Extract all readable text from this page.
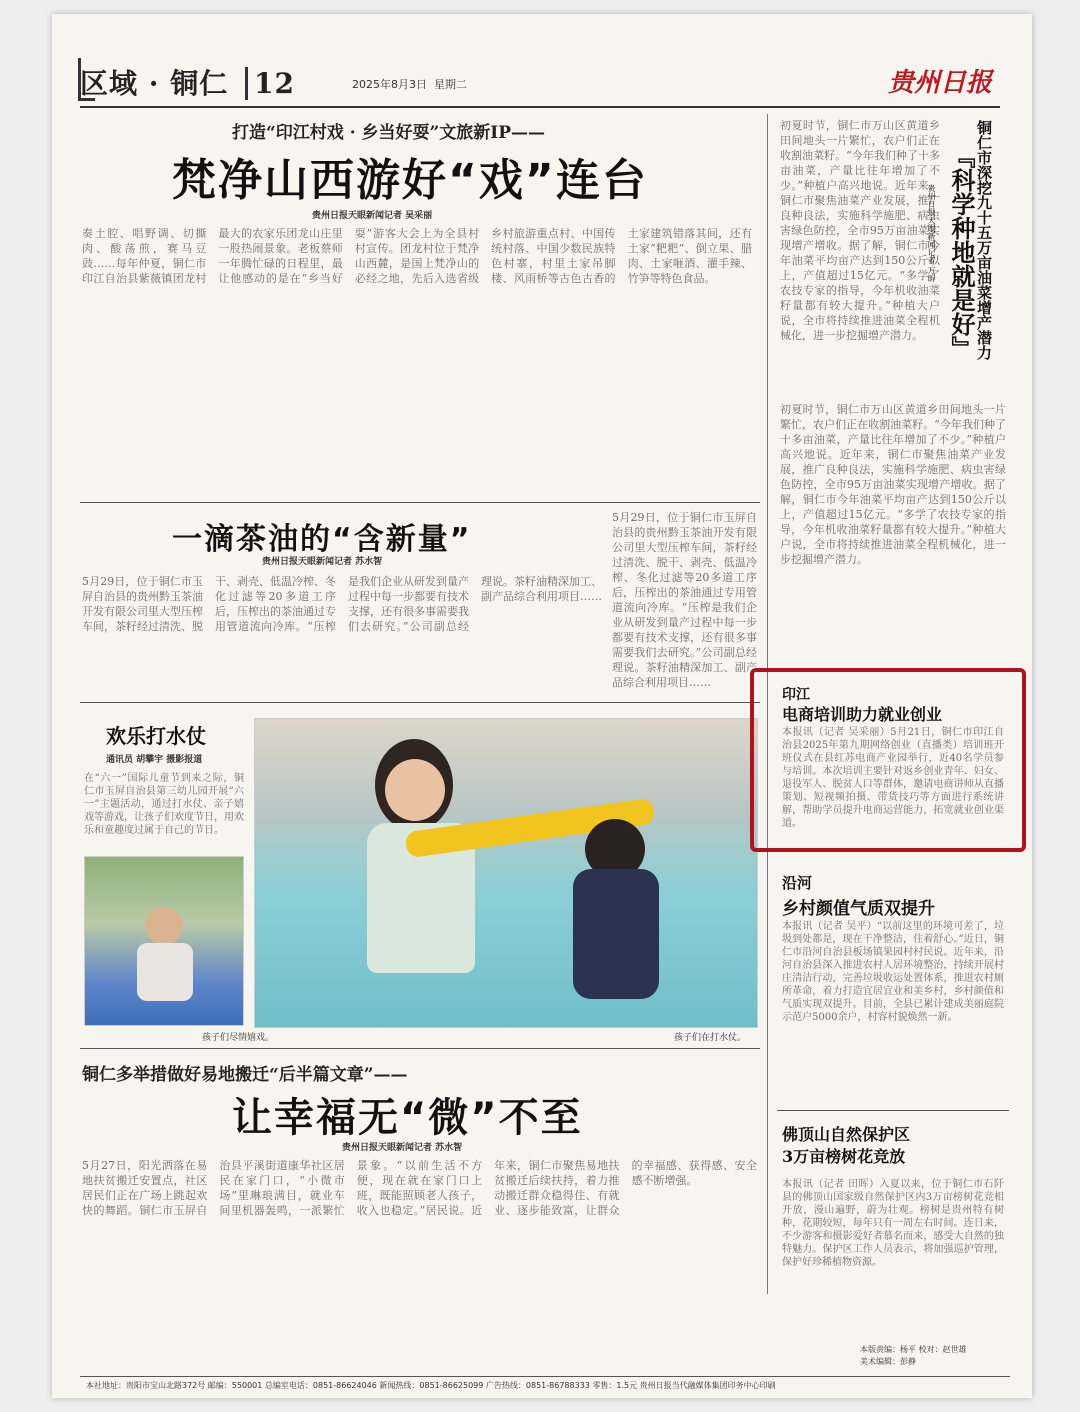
区域 · 铜仁 12	2025年8月3日 星期二	贵州日报
打造“印江村戏 · 乡当好耍”文旅新IP——
梵净山西游好“戏”连台
贵州日报天眼新闻记者 吴采丽
奏土腔、唱野调、切撕肉、酸荡煎，赛马豆豉……每年仲夏，铜仁市印江自治县紫薇镇团龙村最大的农家乐团龙山庄里一股热闹景象。老板蔡师一年腾忙碌的日程里，最让他感动的是在“乡当好耍”游客大会上为全县村村宣传。团龙村位于梵净山西麓，是国上梵净山的必经之地，先后入选省级乡村旅游重点村、中国传统村落、中国少数民族特色村寨，村里土家吊脚楼、风雨桥等古色古香的土家建筑错落其间，还有土家“粑粑”、倒立果、腊肉、土家咂酒、灌手辣、竹笋等特色食品。
一滴茶油的“含新量”
贵州日报天眼新闻记者 苏水智
5月29日，位于铜仁市玉屏自治县的贵州黔玉茶油开发有限公司里大型压榨车间，茶籽经过清洗、脱干、剥壳、低温冷榨、冬化过滤等20多道工序后，压榨出的茶油通过专用管道流向冷库。“压榨是我们企业从研发到量产过程中每一步都要有技术支撑，还有很多事需要我们去研究。”公司副总经理说。茶籽油精深加工、副产品综合利用项目……
5月29日，位于铜仁市玉屏自治县的贵州黔玉茶油开发有限公司里大型压榨车间，茶籽经过清洗、脱干、剥壳、低温冷榨、冬化过滤等20多道工序后，压榨出的茶油通过专用管道流向冷库。“压榨是我们企业从研发到量产过程中每一步都要有技术支撑，还有很多事需要我们去研究。”公司副总经理说。茶籽油精深加工、副产品综合利用项目……
欢乐打水仗
通讯员 胡攀宇 摄影报道
在“六一”国际儿童节到来之际，铜仁市玉屏自治县第三幼儿园开展“六一”主题活动，通过打水仗、亲子嬉戏等游戏，让孩子们欢度节日，用欢乐和童趣度过属于自己的节日。
孩子们尽情嬉戏。	孩子们在打水仗。
铜仁多举措做好易地搬迁“后半篇文章”——
让幸福无“微”不至
贵州日报天眼新闻记者 苏水智
5月27日，阳光洒落在易地扶贫搬迁安置点，社区居民们正在广场上跳起欢快的舞蹈。铜仁市玉屏自治县平溪街道康华社区居民在家门口，“小微市场”里琳琅满目，就业车间里机器轰鸣，一派繁忙景象。“以前生活不方便，现在就在家门口上班，既能照顾老人孩子，收入也稳定。”居民说。近年来，铜仁市聚焦易地扶贫搬迁后续扶持，着力推动搬迁群众稳得住、有就业、逐步能致富，让群众的幸福感、获得感、安全感不断增强。
初夏时节，铜仁市万山区黄道乡田间地头一片繁忙，农户们正在收割油菜籽。“今年我们种了十多亩油菜，产量比往年增加了不少。”种植户高兴地说。近年来，铜仁市聚焦油菜产业发展，推广良种良法，实施科学施肥、病虫害绿色防控，全市95万亩油菜实现增产增收。据了解，铜仁市今年油菜平均亩产达到150公斤以上，产值超过15亿元。“多学了农技专家的指导，今年机收油菜籽量都有较大提升。”种植大户说，全市将持续推进油菜全程机械化，进一步挖掘增产潜力。	铜仁市深挖九十五万亩油菜增产潜力
『科学种地就是好』
贵州日报天眼新闻记者 万昕
初夏时节，铜仁市万山区黄道乡田间地头一片繁忙，农户们正在收割油菜籽。“今年我们种了十多亩油菜，产量比往年增加了不少。”种植户高兴地说。近年来，铜仁市聚焦油菜产业发展，推广良种良法，实施科学施肥、病虫害绿色防控，全市95万亩油菜实现增产增收。据了解，铜仁市今年油菜平均亩产达到150公斤以上，产值超过15亿元。“多学了农技专家的指导，今年机收油菜籽量都有较大提升。”种植大户说，全市将持续推进油菜全程机械化，进一步挖掘增产潜力。
印江
电商培训助力就业创业
本报讯（记者 吴采丽）5月21日，铜仁市印江自治县2025年第九期网络创业（直播类）培训班开班仪式在县红苏电商产业园举行，近40名学员参与培训。本次培训主要针对返乡创业青年、妇女、退役军人、脱贫人口等群体，邀请电商讲师从直播策划、短视频拍摄、带货技巧等方面进行系统讲解，帮助学员提升电商运营能力，拓宽就业创业渠道。
沿河
乡村颜值气质双提升
本报讯（记者 吴平）“以前这里的环境可差了，垃圾到处都是，现在干净整洁，住着舒心。”近日，铜仁市沿河自治县板场镇果园村村民说。近年来，沿河自治县深入推进农村人居环境整治，持续开展村庄清洁行动，完善垃圾收运处置体系，推进农村厕所革命，着力打造宜居宜业和美乡村，乡村颜值和气质实现双提升。目前，全县已累计建成美丽庭院示范户5000余户，村容村貌焕然一新。
佛顶山自然保护区
3万亩榜树花竞放
本报讯（记者 田晖）入夏以来，位于铜仁市石阡县的佛顶山国家级自然保护区内3万亩榜树花竞相开放，漫山遍野，蔚为壮观。榜树是贵州特有树种，花期较短，每年只有一周左右时间。连日来，不少游客和摄影爱好者慕名而来，感受大自然的独特魅力。保护区工作人员表示，将加强巡护管理，保护好珍稀植物资源。
本版责编：杨平 校对：赵世雄
美术编辑：彭静
本社地址：贵阳市宝山北路372号 邮编：550001 总编室电话：0851-86624046 新闻热线：0851-86625099 广告热线：0851-86788333 零售：1.5元 贵州日报当代融媒体集团印务中心印刷
